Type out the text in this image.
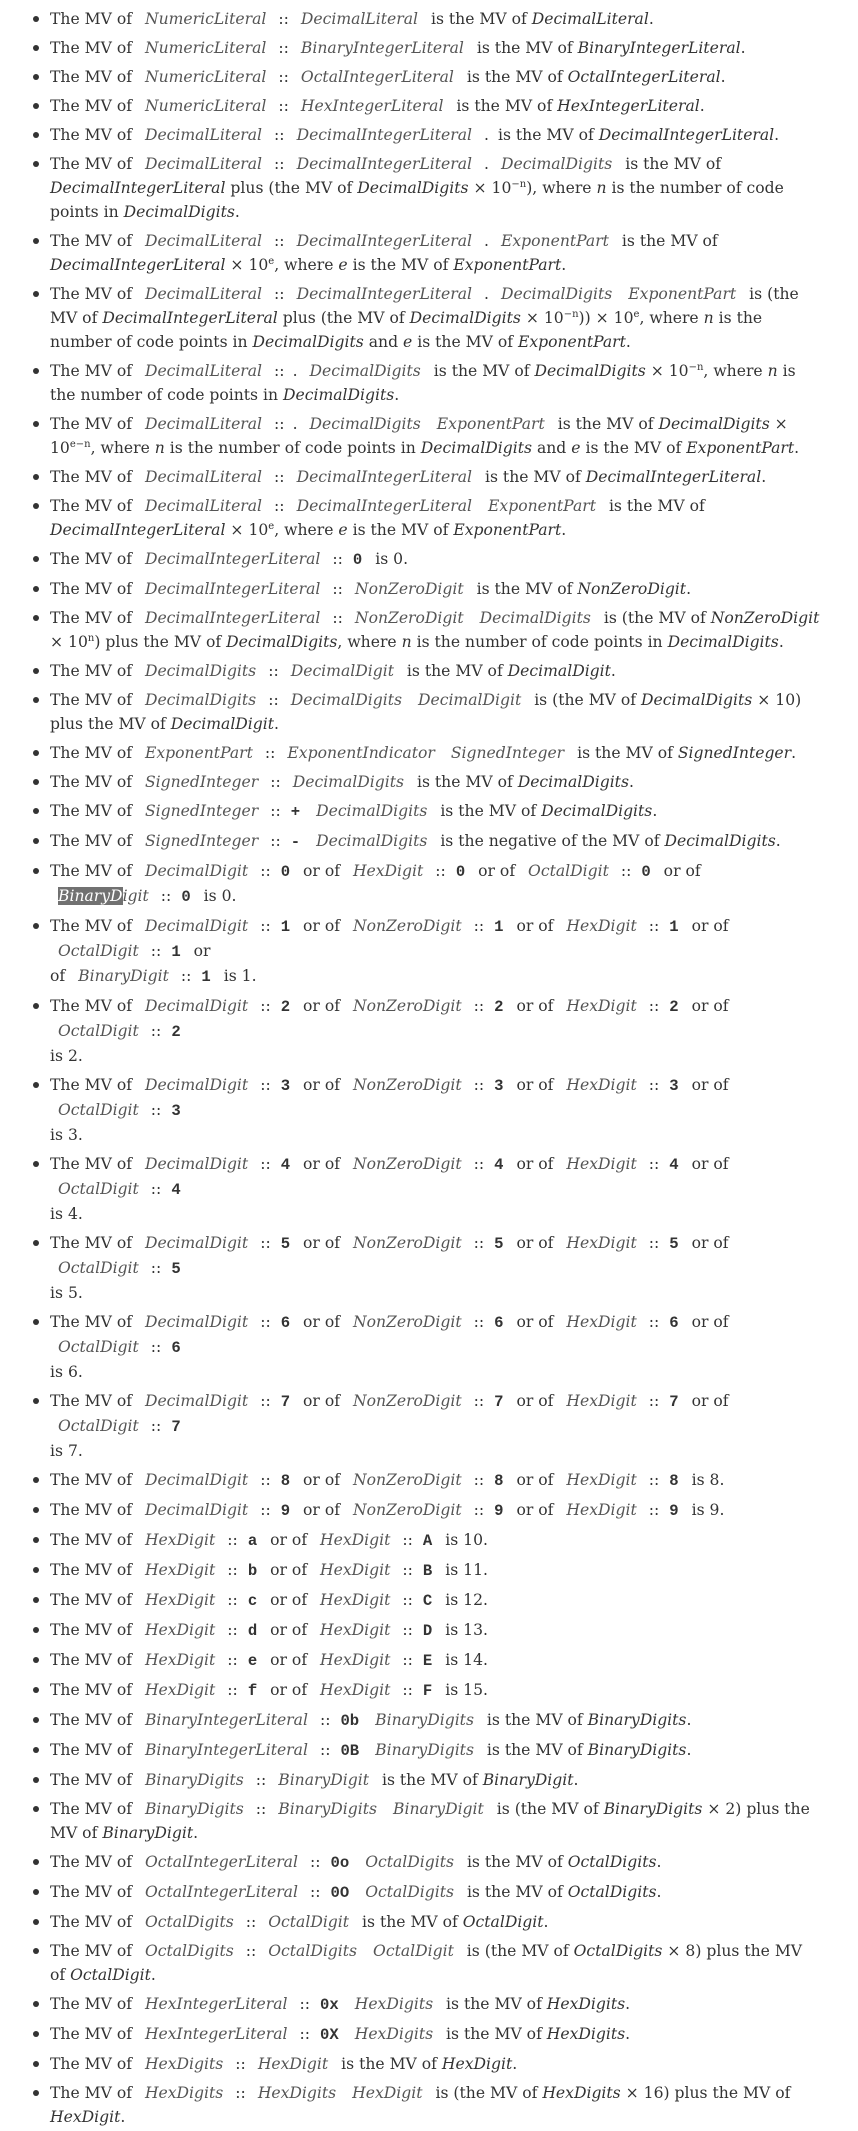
The MV of NumericLiteral :: DecimalLiteral is the MV of DecimalLiteral.
The MV of NumericLiteral :: BinaryIntegerLiteral is the MV of BinaryIntegerLiteral.
The MV of NumericLiteral :: OctalIntegerLiteral is the MV of OctalIntegerLiteral.
The MV of NumericLiteral :: HexIntegerLiteral is the MV of HexIntegerLiteral.
The MV of DecimalLiteral :: DecimalIntegerLiteral . is the MV of DecimalIntegerLiteral.
The MV of DecimalLiteral :: DecimalIntegerLiteral . DecimalDigits is the MV of DecimalIntegerLiteral plus (the MV of DecimalDigits × $10^{-n}$), where n is the number of code points in DecimalDigits.
The MV of DecimalLiteral :: DecimalIntegerLiteral . ExponentPart is the MV of DecimalIntegerLiteral × $10^e$, where e is the MV of ExponentPart.
The MV of DecimalLiteral :: DecimalIntegerLiteral . DecimalDigits ExponentPart is (the MV of DecimalIntegerLiteral plus (the MV of DecimalDigits × $10^{-n})) \times 10^e$, where n is the number of code points in DecimalDigits and e is the MV of ExponentPart.
The MV of DecimalLiteral :: . DecimalDigits is the MV of DecimalDigits × $10^{-n}$, where n is the number of code points in DecimalDigits.
The MV of DecimalLiteral :: . DecimalDigits ExponentPart is the MV of DecimalDigits × $10^{e-n}$, where n is the number of code points in DecimalDigits and e is the MV of ExponentPart.
The MV of DecimalLiteral :: DecimalIntegerLiteral is the MV of DecimalIntegerLiteral.
The MV of DecimalLiteral :: DecimalIntegerLiteral ExponentPart is the MV of DecimalIntegerLiteral × $10^e$, where e is the MV of ExponentPart.
The MV of DecimalIntegerLiteral :: 0 is 0.
The MV of DecimalIntegerLiteral :: NonZeroDigit is the MV of NonZeroDigit.
The MV of DecimalIntegerLiteral :: NonZeroDigit DecimalDigits is (the MV of NonZeroDigit × $10^n$) plus the MV of DecimalDigits, where n is the number of code points in DecimalDigits.
The MV of DecimalDigits :: DecimalDigit is the MV of DecimalDigit.
The MV of DecimalDigits :: DecimalDigits DecimalDigit is (the MV of DecimalDigits × 10) plus the MV of DecimalDigit.
The MV of ExponentPart :: ExponentIndicator SignedInteger is the MV of SignedInteger.
The MV of SignedInteger :: DecimalDigits is the MV of DecimalDigits.
The MV of SignedInteger :: + DecimalDigits is the MV of DecimalDigits.
The MV of SignedInteger :: - DecimalDigits is the negative of the MV of DecimalDigits.
The MV of DecimalDigit :: 0 or of HexDigit :: 0 or of OctalDigit :: 0 or of BinaryDigit :: 0 is 0.
The MV of DecimalDigit :: 1 or of NonZeroDigit :: 1 or of HexDigit :: 1 or of OctalDigit :: 1 or
of BinaryDigit :: 1 is 1.
The MV of DecimalDigit :: 2 or of NonZeroDigit :: 2 or of HexDigit :: 2 or of OctalDigit :: 2
is 2.
The MV of DecimalDigit :: 3 or of NonZeroDigit :: 3 or of HexDigit :: 3 or of OctalDigit :: 3
is 3.
The MV of DecimalDigit :: 4 or of NonZeroDigit :: 4 or of HexDigit :: 4 or of OctalDigit :: 4
is 4.
The MV of DecimalDigit :: 5 or of NonZeroDigit :: 5 or of HexDigit :: 5 or of OctalDigit :: 5
is 5.
The MV of DecimalDigit :: 6 or of NonZeroDigit :: 6 or of HexDigit :: 6 or of OctalDigit :: 6
is 6.
The MV of DecimalDigit :: 7 or of NonZeroDigit :: 7 or of HexDigit :: 7 or of OctalDigit :: 7
is 7.
The MV of DecimalDigit :: 8 or of NonZeroDigit :: 8 or of HexDigit :: 8 is 8.
The MV of DecimalDigit :: 9 or of NonZeroDigit :: 9 or of HexDigit :: 9 is 9.
The MV of HexDigit :: a or of HexDigit :: A is 10.
The MV of HexDigit :: b or of HexDigit :: B is 11.
The MV of HexDigit :: c or of HexDigit :: C is 12.
The MV of HexDigit :: d or of HexDigit :: D is 13.
The MV of HexDigit :: e or of HexDigit :: E is 14.
The MV of HexDigit :: f or of HexDigit :: F is 15.
The MV of BinaryIntegerLiteral :: 0b BinaryDigits is the MV of BinaryDigits.
The MV of BinaryIntegerLiteral :: 0B BinaryDigits is the MV of BinaryDigits.
The MV of BinaryDigits :: BinaryDigit is the MV of BinaryDigit.
The MV of BinaryDigits :: BinaryDigits BinaryDigit is (the MV of BinaryDigits × 2) plus the MV of BinaryDigit.
The MV of OctalIntegerLiteral :: 0o OctalDigits is the MV of OctalDigits.
The MV of OctalIntegerLiteral :: 0O OctalDigits is the MV of OctalDigits.
The MV of OctalDigits :: OctalDigit is the MV of OctalDigit.
The MV of OctalDigits :: OctalDigits OctalDigit is (the MV of OctalDigits × 8) plus the MV of OctalDigit.
The MV of HexIntegerLiteral :: 0x HexDigits is the MV of HexDigits.
The MV of HexIntegerLiteral :: 0X HexDigits is the MV of HexDigits.
The MV of HexDigits :: HexDigit is the MV of HexDigit.
The MV of HexDigits :: HexDigits HexDigit is (the MV of HexDigits × 16) plus the MV of HexDigit.
